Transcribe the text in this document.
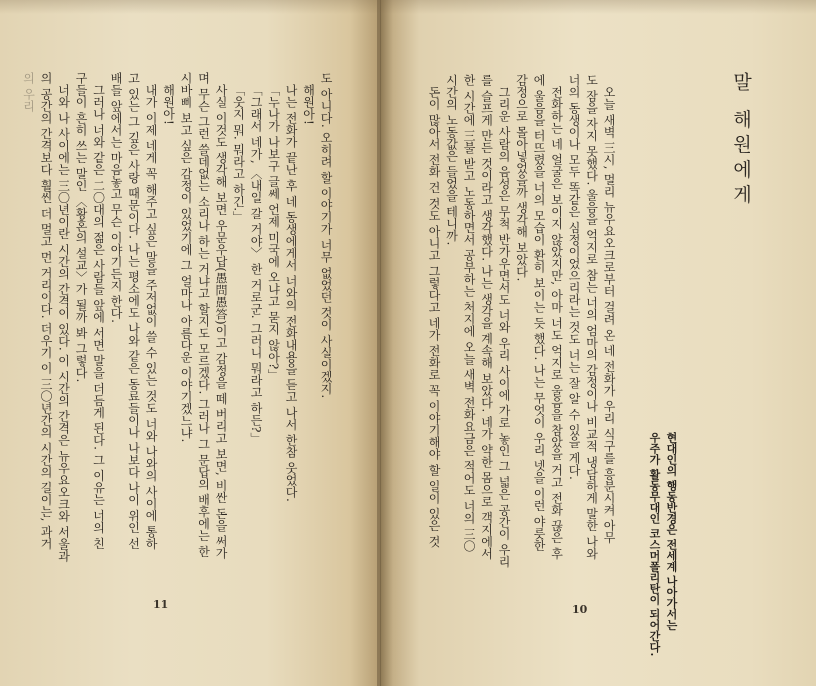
말 해원에게
현대인의 행동반경은 전세계 나아가서는
우주가 활동무대인 코스머폴리탄이 되어간다.
오늘 새벽 三시, 멀리 뉴우요오크로부터 걸려 온 네 전화가 우리 식구를 흥분시켜 아무
도 잠을 자지 못했다. 울음을 억지로 참는 너의 엄마의 감정이나 비교적 냉담하게 말한 나와
너의 동생이나 모두 똑같은 심정이었으리라는 것도 너는 잘 알 수 있을 게다.
전화하는 네 얼굴은 보이지 않았지만, 아마 너도 억지로 울음을 참았을 거고 전화 끊은 후
에 울음을 터뜨렸을 너의 모습이 환히 보이는 듯 했다. 나는 무엇이 우리 넷을 이런 야릇한
감정으로 몰아넣었을까 생각해 보았다.
그리운 사람의 음성은 무척 반가우면서도 너와 우리 사이에 가로 놓인 그 넓은 공간이 우리
를 슬프게 만든 것이라고 생각했다. 나는 생각을 계속해 보았다. 네가 약한 몸으로 객지에서
한 시간에 三불 받고 노동하면서 공부하는 처지에 오늘 새벽 전화요금은 적어도 너의 三〇
시간의 노동값은 들었을 테니까.
돈이 많아서 전화 건 것도 아니고 그렇다고 네가 전화로 꼭 이야기해야 할 일이 있은 것
10
도 아니다. 오히려 할 이야기가 너무 없었던 것이 사실이겠지.
해원아!
나는 전화가 끝난 후 네 동생에게서 너와의 전화내용을 듣고 나서 한참 웃었다.
「누나가 나보구 글쎄 언제 미국에 오냐고 묻지 않아?」
「그래서 네가, 〈내일 갈 거야〉 한 거로군. 그러니 뭐라고 하든?」
「웃지 뭐. 뭐라고 하긴.」
사실 이것도 생각해 보면 우문우답(愚問愚答)이고 감정을 떼 버리고 보면, 비싼 돈을 써가
며 무슨 그런 쓸데없는 소리나 하는 거냐고 할지도 모르겠다. 그러나 그 문답의 배후에는 한
시바삐 보고 싶은 감정이 있었기에 그 얼마나 아름다운 이야기겠느냐.
해원아!
내가 이제 네게 꼭 해주고 싶은 말을 주저없이 쓸 수 있는 것도 너와 나와의 사이에 통하
고 있는 그 깊은 사랑 때문이다. 나는 평소에도 나와 같은 동료들이나 나보다 나이 위인 선
배들 앞에서는 마음놓고 무슨 이야기든지 한다.
그러나 너와 같은 二〇대의 젊은 사람들 앞에 서면 말을 더듬게 된다. 그 이유는 너의 친
구들이 흔히 쓰는 말인 〈황혼의 설교〉가 될까 봐 그렇다.
너와 나 사이에는 三〇년이란 시간의 간격이 있다. 이 시간의 간격은 뉴우요오크와 서울과
의 공간의 간격보다 훨씬 더 멀고 먼 거리이다. 더우기 이 三〇년간의 시간의 길이는, 과거
의 우리
11
